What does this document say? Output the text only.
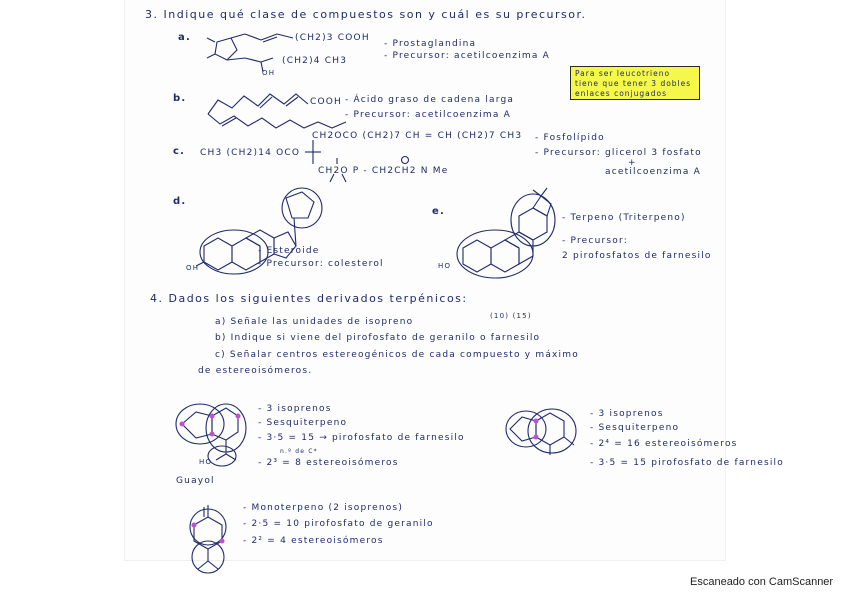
3. Indique qué clase de compuestos son y cuál es su precursor.
a.	(CH2)3 COOH
(CH2)4 CH3
OH
- Prostaglandina
- Precursor: acetilcoenzima A
Para ser leucotrieno
tiene que tener 3 dobles
enlaces conjugados
b.	COOH - Ácido graso de cadena larga
- Precursor: acetilcoenzima A
c.
CH2OCO (CH2)7 CH = CH (CH2)7 CH3
CH3 (CH2)14 OCO
CH2O P - CH2CH2 N Me
- Fosfolípido
- Precursor: glicerol 3 fosfato
+
acetilcoenzima A
d.
OH
- Esteroide
- Precursor: colesterol
e.
HO
- Terpeno (Triterpeno)
- Precursor:
2 pirofosfatos de farnesilo
4. Dados los siguientes derivados terpénicos:
(10) (15)
a) Señale las unidades de isopreno
b) Indique si viene del pirofosfato de geranilo o farnesilo
c) Señalar centros estereogénicos de cada compuesto y máximo
de estereoisómeros.
HO
Guayol
- 3 isoprenos
- Sesquiterpeno
- 3·5 = 15 → pirofosfato de farnesilo
n.º de C*
- 2³ = 8 estereoisómeros
- 3 isoprenos
- Sesquiterpeno
- 2⁴ = 16 estereoisómeros
- 3·5 = 15 pirofosfato de farnesilo
- Monoterpeno (2 isoprenos)
- 2·5 = 10 pirofosfato de geranilo
- 2² = 4 estereoisómeros
Escaneado con CamScanner
